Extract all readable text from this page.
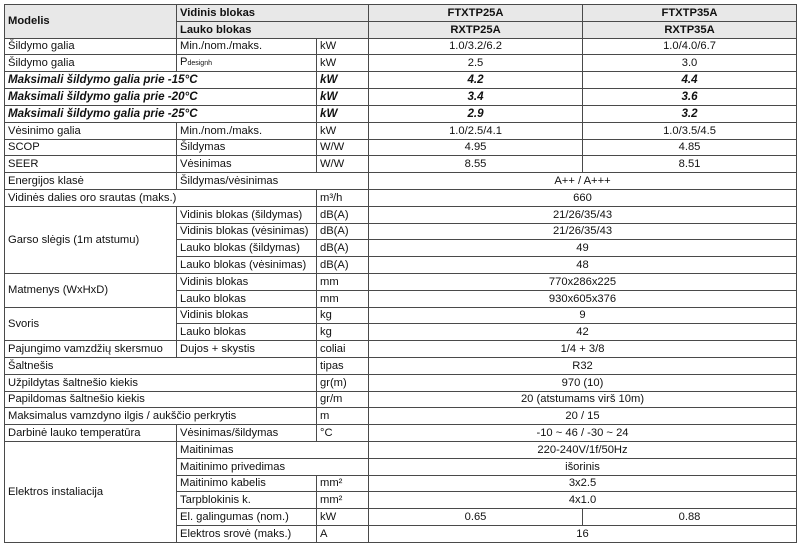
Modelis	Vidinis blokas		FTXTP25A	FTXTP35A
	Lauko blokas		RXTP25A	RXTP35A
Šildymo galia	Min./nom./maks.	kW	1.0/3.2/6.2	1.0/4.0/6.7
Šildymo galia	Pdesignh	kW	2.5	3.0
Maksimali šildymo galia prie -15°C		kW	4.2	4.4
Maksimali šildymo galia prie -20°C		kW	3.4	3.6
Maksimali šildymo galia prie -25°C		kW	2.9	3.2
Vėsinimo galia	Min./nom./maks.	kW	1.0/2.5/4.1	1.0/3.5/4.5
SCOP	Šildymas	W/W	4.95	4.85
SEER	Vėsinimas	W/W	8.55	8.51
Energijos klasė	Šildymas/vėsinimas		A++ / A+++	
Vidinės dalies oro srautas (maks.)		m³/h	660	
Garso slėgis (1m atstumu)	Vidinis blokas (šildymas)	dB(A)	21/26/35/43	
	Vidinis blokas (vėsinimas)	dB(A)	21/26/35/43	
	Lauko blokas (šildymas)	dB(A)	49	
	Lauko blokas (vėsinimas)	dB(A)	48	
Matmenys (WxHxD)	Vidinis blokas	mm	770x286x225	
	Lauko blokas	mm	930x605x376	
Svoris	Vidinis blokas	kg	9	
	Lauko blokas	kg	42	
Pajungimo vamzdžių skersmuo	Dujos + skystis	coliai	1/4 + 3/8	
Šaltnešis		tipas	R32	
Užpildytas šaltnešio kiekis		gr(m)	970 (10)	
Papildomas šaltnešio kiekis		gr/m	20 (atstumams virš 10m)	
Maksimalus vamzdyno ilgis / aukščio perkrytis		m	20 / 15	
Darbinė lauko temperatūra	Vėsinimas/šildymas	°C	-10 ~ 46 / -30 ~ 24	
Elektros instaliacija	Maitinimas		220-240V/1f/50Hz	
	Maitinimo privedimas		išorinis	
	Maitinimo kabelis	mm²	3x2.5	
	Tarpblokinis k.	mm²	4x1.0	
	El. galingumas (nom.)	kW	0.65	0.88
	Elektros srovė (maks.)	A	16	
